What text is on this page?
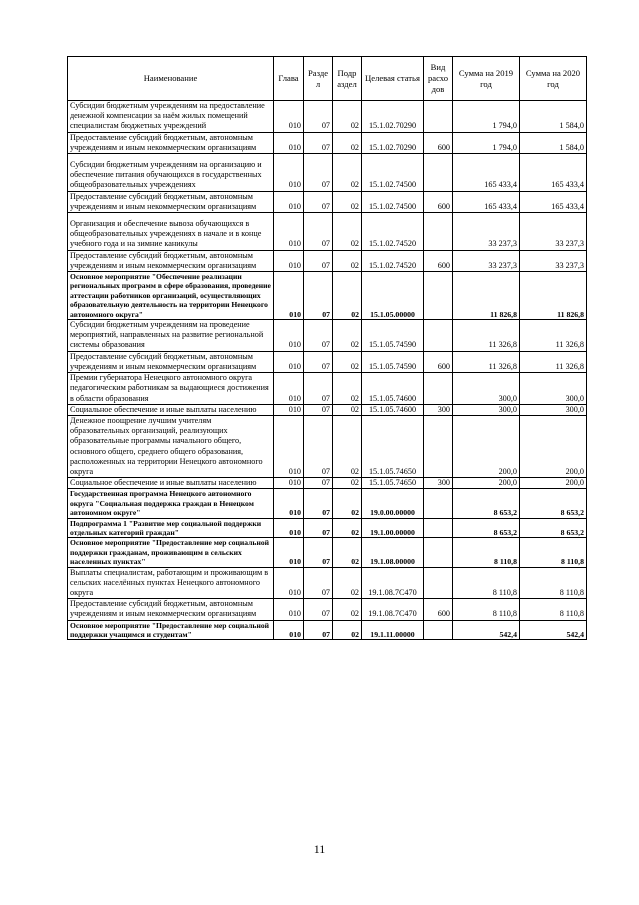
Наименование	Глава	Разде л	Подр аздел	Целевая статья	Вид расхо дов	Сумма на 2019 год	Сумма на 2020 год
Субсидии бюджетным учреждениям на предоставление денежной компенсации за наём жилых помещений специалистам бюджетных учреждений	010	07	02	15.1.02.70290		1 794,0	1 584,0
Предоставление субсидий бюджетным, автономным учреждениям и иным некоммерческим организациям	010	07	02	15.1.02.70290	600	1 794,0	1 584,0

Субсидии бюджетным учреждениям на организацию и обеспечение питания обучающихся в государственных общеобразовательных учреждениях	010	07	02	15.1.02.74500		165 433,4	165 433,4
Предоставление субсидий бюджетным, автономным учреждениям и иным некоммерческим организациям	010	07	02	15.1.02.74500	600	165 433,4	165 433,4

Организация и обеспечение вывоза обучающихся в общеобразовательных учреждениях в начале и в конце учебного года и на зимние каникулы	010	07	02	15.1.02.74520		33 237,3	33 237,3
Предоставление субсидий бюджетным, автономным учреждениям и иным некоммерческим организациям	010	07	02	15.1.02.74520	600	33 237,3	33 237,3
Основное мероприятие "Обеспечение реализации региональных программ в сфере образования, проведение аттестации работников организаций, осуществляющих образовательную деятельность на территории Ненецкого автономного округа"	010	07	02	15.1.05.00000		11 826,8	11 826,8
Субсидии бюджетным учреждениям на проведение мероприятий, направленных на развитие региональной системы образования	010	07	02	15.1.05.74590		11 326,8	11 326,8
Предоставление субсидий бюджетным, автономным учреждениям и иным некоммерческим организациям	010	07	02	15.1.05.74590	600	11 326,8	11 326,8
Премии губернатора Ненецкого автономного округа педагогическим работникам за выдающиеся достижения в области образования	010	07	02	15.1.05.74600		300,0	300,0
Социальное обеспечение и иные выплаты населению	010	07	02	15.1.05.74600	300	300,0	300,0
Денежное поощрение лучшим учителям образовательных организаций, реализующих образовательные программы начального общего, основного общего, среднего общего образования, расположенных на территории Ненецкого автономного округа	010	07	02	15.1.05.74650		200,0	200,0
Социальное обеспечение и иные выплаты населению	010	07	02	15.1.05.74650	300	200,0	200,0
Государственная программа Ненецкого автономного округа "Социальная поддержка граждан в Ненецком автономном округе"	010	07	02	19.0.00.00000		8 653,2	8 653,2
Подпрограмма 1 "Развитие мер социальной поддержки отдельных категорий граждан"	010	07	02	19.1.00.00000		8 653,2	8 653,2
Основное мероприятие "Предоставление мер социальной поддержки гражданам, проживающим в сельских населенных пунктах"	010	07	02	19.1.08.00000		8 110,8	8 110,8
Выплаты специалистам, работающим и проживающим в сельских населённых пунктах Ненецкого автономного округа	010	07	02	19.1.08.7С470		8 110,8	8 110,8
Предоставление субсидий бюджетным, автономным учреждениям и иным некоммерческим организациям	010	07	02	19.1.08.7С470	600	8 110,8	8 110,8
Основное мероприятие "Предоставление мер социальной поддержки учащимся и студентам"	010	07	02	19.1.11.00000		542,4	542,4
11
